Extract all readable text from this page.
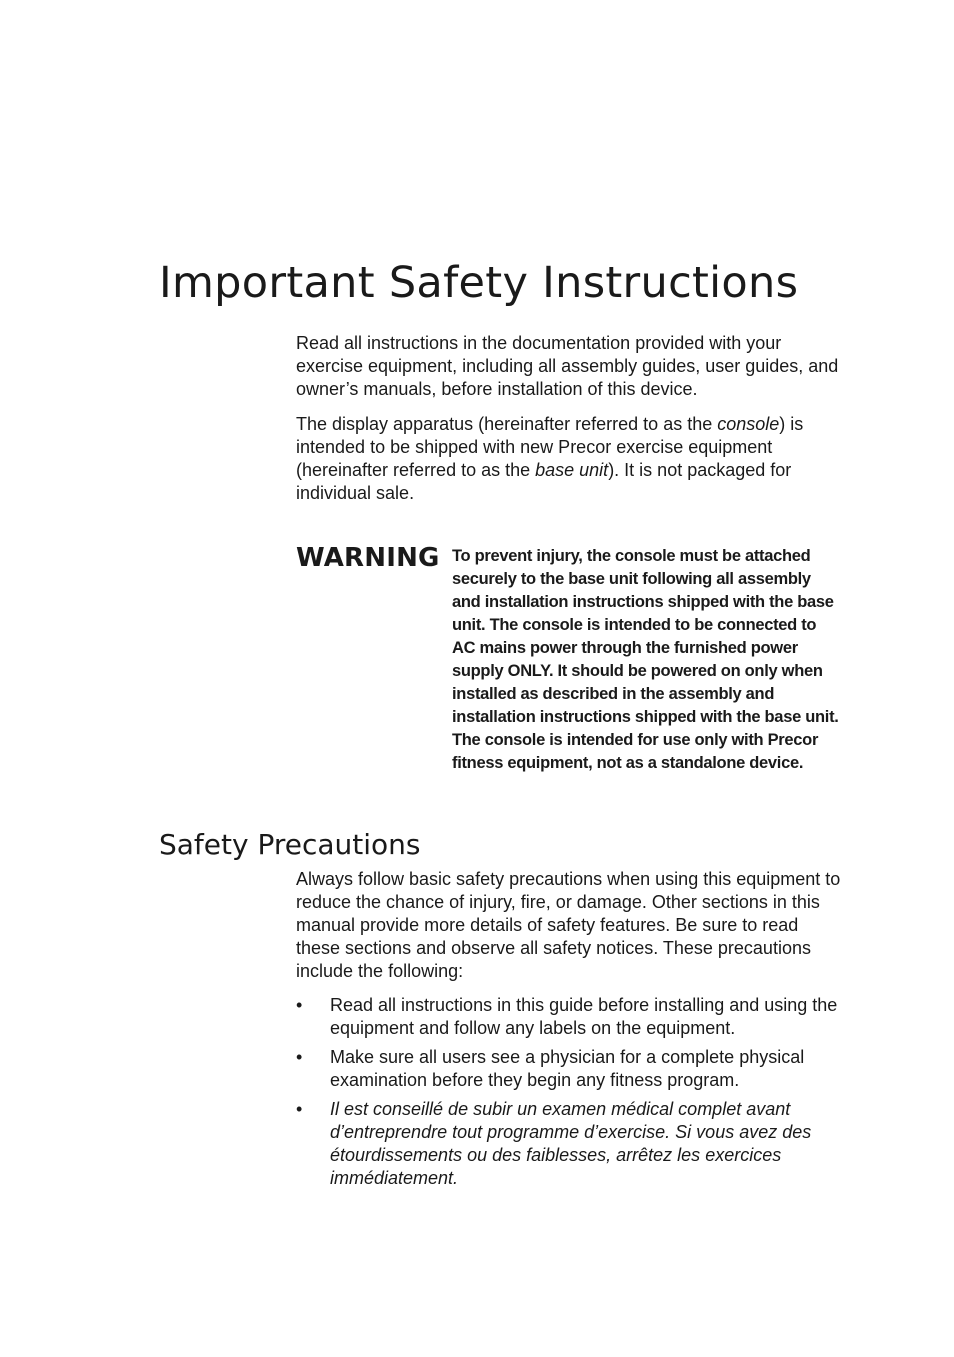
Important Safety Instructions

Read all instructions in the documentation provided with your exercise equipment, including all assembly guides, user guides, and owner’s manuals, before installation of this device.

The display apparatus (hereinafter referred to as the console) is intended to be shipped with new Precor exercise equipment (hereinafter referred to as the base unit). It is not packaged for individual sale.

WARNING To prevent injury, the console must be attached securely to the base unit following all assembly and installation instructions shipped with the base unit. The console is intended to be connected to AC mains power through the furnished power supply ONLY. It should be powered on only when installed as described in the assembly and installation instructions shipped with the base unit. The console is intended for use only with Precor fitness equipment, not as a standalone device.

Safety Precautions

Always follow basic safety precautions when using this equipment to reduce the chance of injury, fire, or damage. Other sections in this manual provide more details of safety features. Be sure to read these sections and observe all safety notices. These precautions include the following:

• Read all instructions in this guide before installing and using the equipment and follow any labels on the equipment.
• Make sure all users see a physician for a complete physical examination before they begin any fitness program.
• Il est conseillé de subir un examen médical complet avant d’entreprendre tout programme d’exercise. Si vous avez des étourdissements ou des faiblesses, arrêtez les exercices immédiatement.
